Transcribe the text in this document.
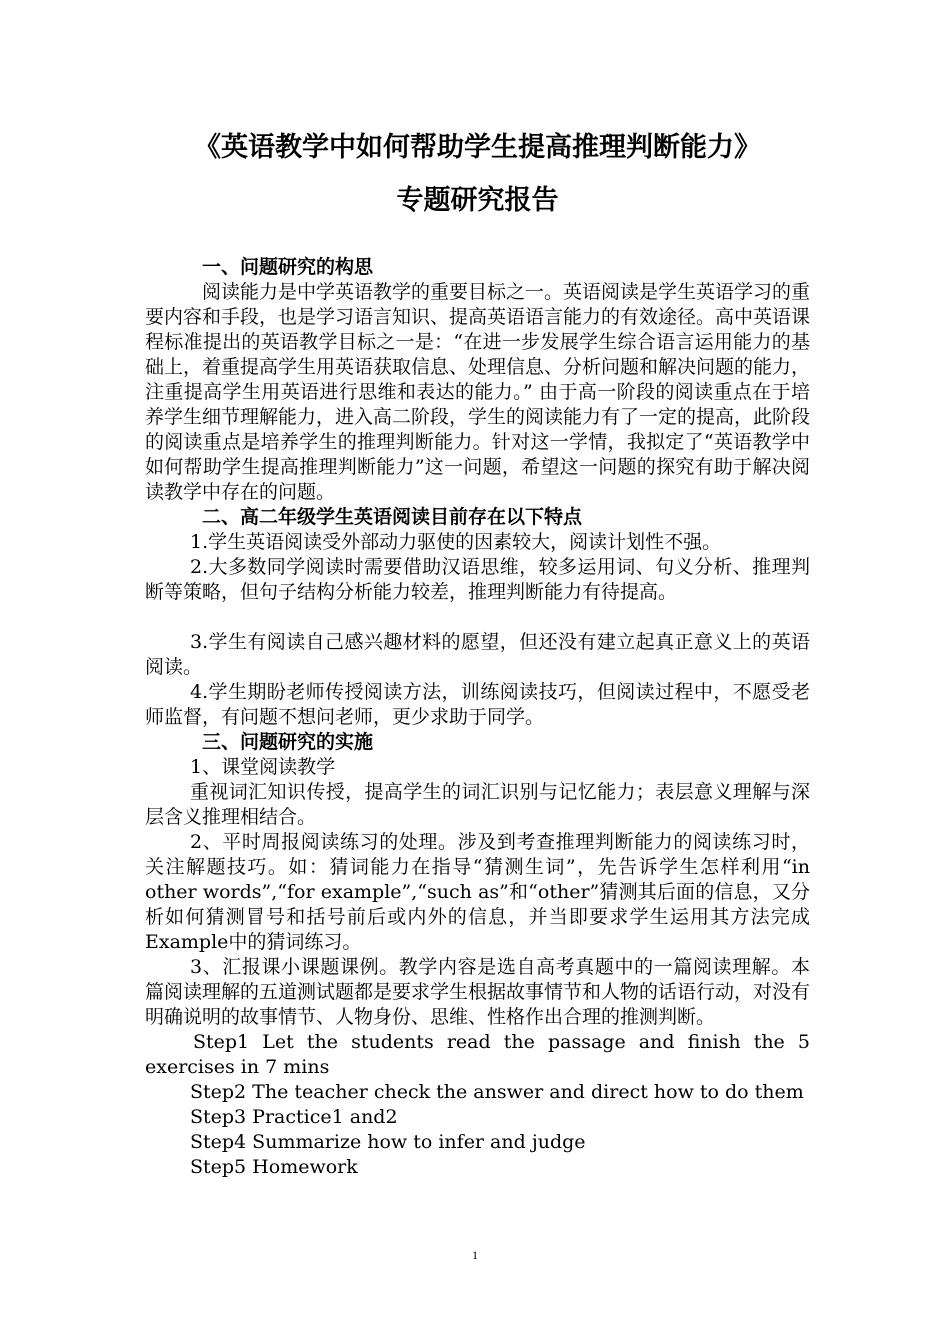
《英语教学中如何帮助学生提高推理判断能力》
专题研究报告

一、问题研究的构思

阅读能力是中学英语教学的重要目标之一。英语阅读是学生英语学习的重要内容和手段，也是学习语言知识、提高英语语言能力的有效途径。高中英语课程标准提出的英语教学目标之一是：“在进一步发展学生综合语言运用能力的基础上，着重提高学生用英语获取信息、处理信息、分析问题和解决问题的能力，注重提高学生用英语进行思维和表达的能力。” 由于高一阶段的阅读重点在于培养学生细节理解能力，进入高二阶段，学生的阅读能力有了一定的提高，此阶段的阅读重点是培养学生的推理判断能力。针对这一学情，我拟定了“英语教学中如何帮助学生提高推理判断能力”这一问题，希望这一问题的探究有助于解决阅读教学中存在的问题。

二、高二年级学生英语阅读目前存在以下特点

1.学生英语阅读受外部动力驱使的因素较大，阅读计划性不强。

2.大多数同学阅读时需要借助汉语思维，较多运用词、句义分析、推理判断等策略，但句子结构分析能力较差，推理判断能力有待提高。

3.学生有阅读自己感兴趣材料的愿望，但还没有建立起真正意义上的英语阅读。

4.学生期盼老师传授阅读方法，训练阅读技巧，但阅读过程中，不愿受老师监督，有问题不想问老师，更少求助于同学。

三、问题研究的实施

1、课堂阅读教学

重视词汇知识传授，提高学生的词汇识别与记忆能力；表层意义理解与深层含义推理相结合。

2、平时周报阅读练习的处理。涉及到考查推理判断能力的阅读练习时，关注解题技巧。如：猜词能力在指导“猜测生词”，先告诉学生怎样利用“in other words”,“for example”,“such as”和“other”猜测其后面的信息，又分析如何猜测冒号和括号前后或内外的信息，并当即要求学生运用其方法完成Example中的猜词练习。

3、汇报课小课题课例。教学内容是选自高考真题中的一篇阅读理解。本篇阅读理解的五道测试题都是要求学生根据故事情节和人物的话语行动，对没有明确说明的故事情节、人物身份、思维、性格作出合理的推测判断。

Step1 Let the students read the passage and finish the 5 exercises in 7 mins

Step2 The teacher check the answer and direct how to do them

Step3 Practice1 and2

Step4 Summarize how to infer and judge

Step5 Homework

1
